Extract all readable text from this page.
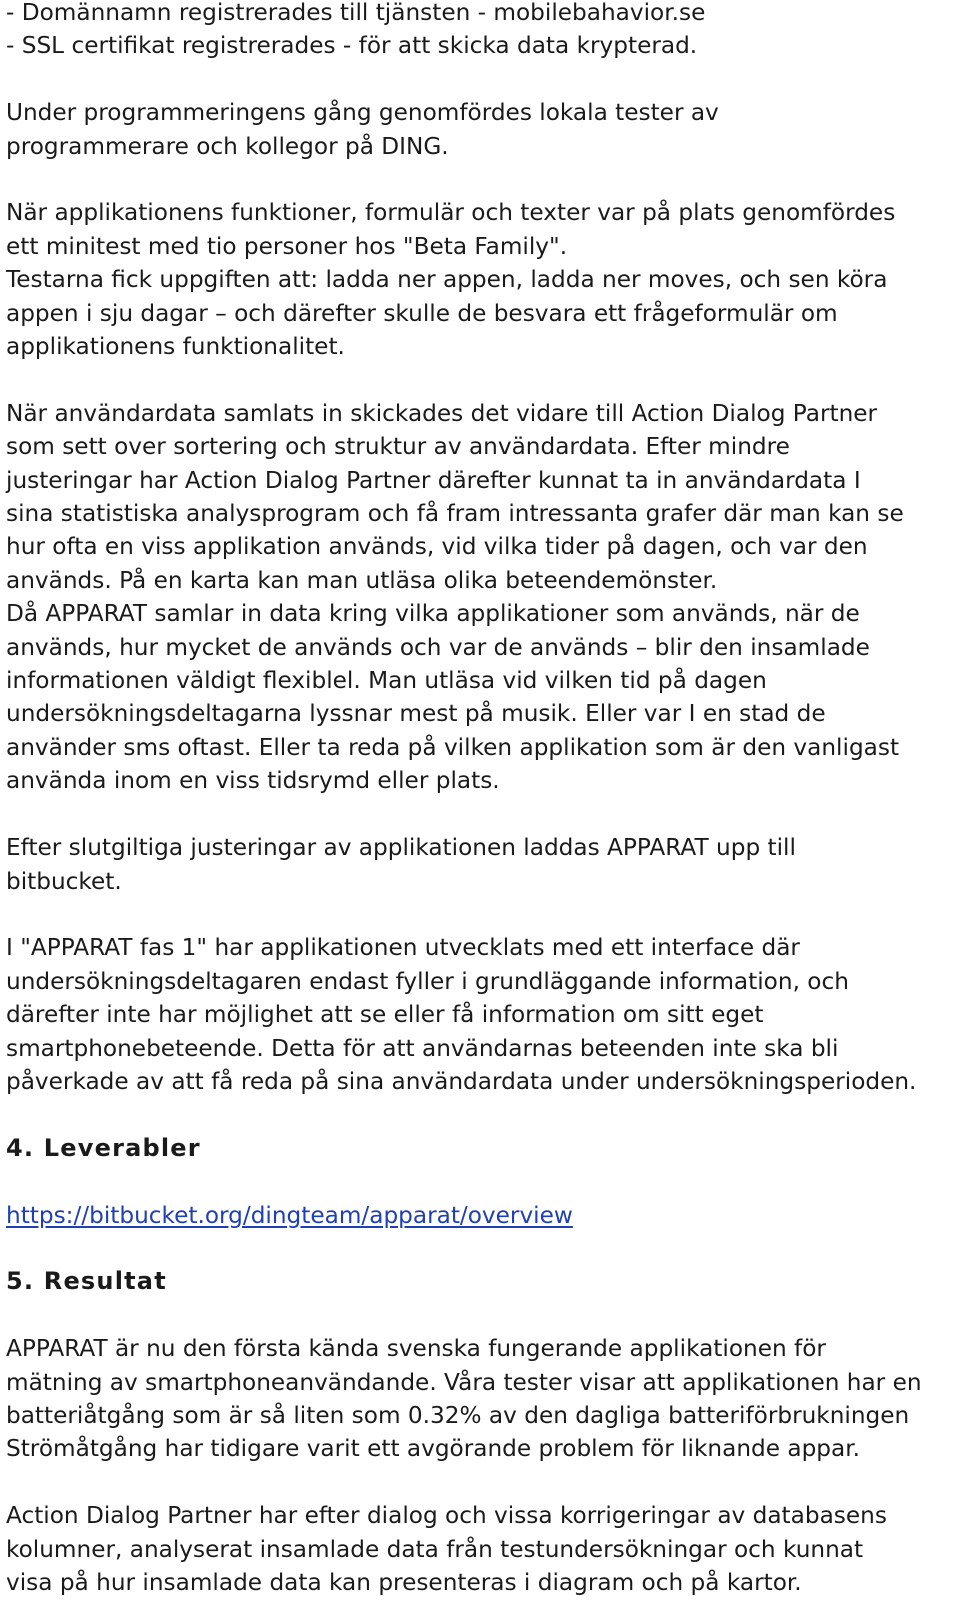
- Domännamn registrerades till tjänsten - mobilebahavior.se
- SSL certifikat registrerades - för att skicka data krypterad.
Under programmeringens gång genomfördes lokala tester av
programmerare och kollegor på DING.
När applikationens funktioner, formulär och texter var på plats genomfördes
ett minitest med tio personer hos "Beta Family".
Testarna fick uppgiften att: ladda ner appen, ladda ner moves, och sen köra
appen i sju dagar – och därefter skulle de besvara ett frågeformulär om
applikationens funktionalitet.
När användardata samlats in skickades det vidare till Action Dialog Partner
som sett over sortering och struktur av användardata. Efter mindre
justeringar har Action Dialog Partner därefter kunnat ta in användardata I
sina statistiska analysprogram och få fram intressanta grafer där man kan se
hur ofta en viss applikation används, vid vilka tider på dagen, och var den
används. På en karta kan man utläsa olika beteendemönster.
Då APPARAT samlar in data kring vilka applikationer som används, när de
används, hur mycket de används och var de används – blir den insamlade
informationen väldigt flexiblel. Man utläsa vid vilken tid på dagen
undersökningsdeltagarna lyssnar mest på musik. Eller var I en stad de
använder sms oftast. Eller ta reda på vilken applikation som är den vanligast
använda inom en viss tidsrymd eller plats.
Efter slutgiltiga justeringar av applikationen laddas APPARAT upp till
bitbucket.
I "APPARAT fas 1" har applikationen utvecklats med ett interface där
undersökningsdeltagaren endast fyller i grundläggande information, och
därefter inte har möjlighet att se eller få information om sitt eget
smartphonebeteende. Detta för att användarnas beteenden inte ska bli
påverkade av att få reda på sina användardata under undersökningsperioden.
4. Leverabler
https://bitbucket.org/dingteam/apparat/overview
5. Resultat
APPARAT är nu den första kända svenska fungerande applikationen för
mätning av smartphoneanvändande. Våra tester visar att applikationen har en
batteriåtgång som är så liten som 0.32% av den dagliga batteriförbrukningen
Strömåtgång har tidigare varit ett avgörande problem för liknande appar.
Action Dialog Partner har efter dialog och vissa korrigeringar av databasens
kolumner, analyserat insamlade data från testundersökningar och kunnat
visa på hur insamlade data kan presenteras i diagram och på kartor.
